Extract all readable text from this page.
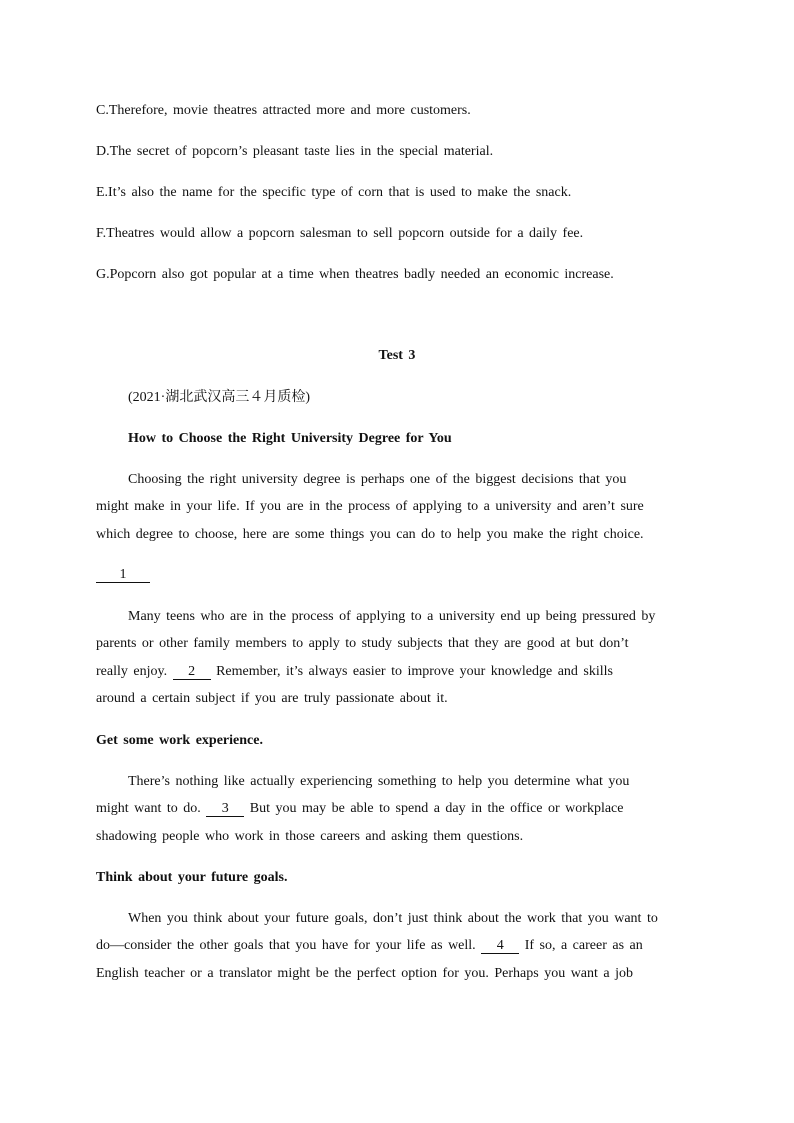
C.Therefore, movie theatres attracted more and more customers.
D.The secret of popcorn’s pleasant taste lies in the special material.
E.It’s also the name for the specific type of corn that is used to make the snack.
F.Theatres would allow a popcorn salesman to sell popcorn outside for a daily fee.
G.Popcorn also got popular at a time when theatres badly needed an economic increase.
Test 3
(2021·湖北武汉高三４月质检)
How to Choose the Right University Degree for You
Choosing the right university degree is perhaps one of the biggest decisions that you
might make in your life. If you are in the process of applying to a university and aren’t sure
which degree to choose, here are some things you can do to help you make the right choice.
1
Many teens who are in the process of applying to a university end up being pressured by
parents or other family members to apply to study subjects that they are good at but don’t
really enjoy. 2 Remember, it’s always easier to improve your knowledge and skills
around a certain subject if you are truly passionate about it.
Get some work experience.
There’s nothing like actually experiencing something to help you determine what you
might want to do. 3 But you may be able to spend a day in the office or workplace
shadowing people who work in those careers and asking them questions.
Think about your future goals.
When you think about your future goals, don’t just think about the work that you want to
do—consider the other goals that you have for your life as well. 4 If so, a career as an
English teacher or a translator might be the perfect option for you. Perhaps you want a job
